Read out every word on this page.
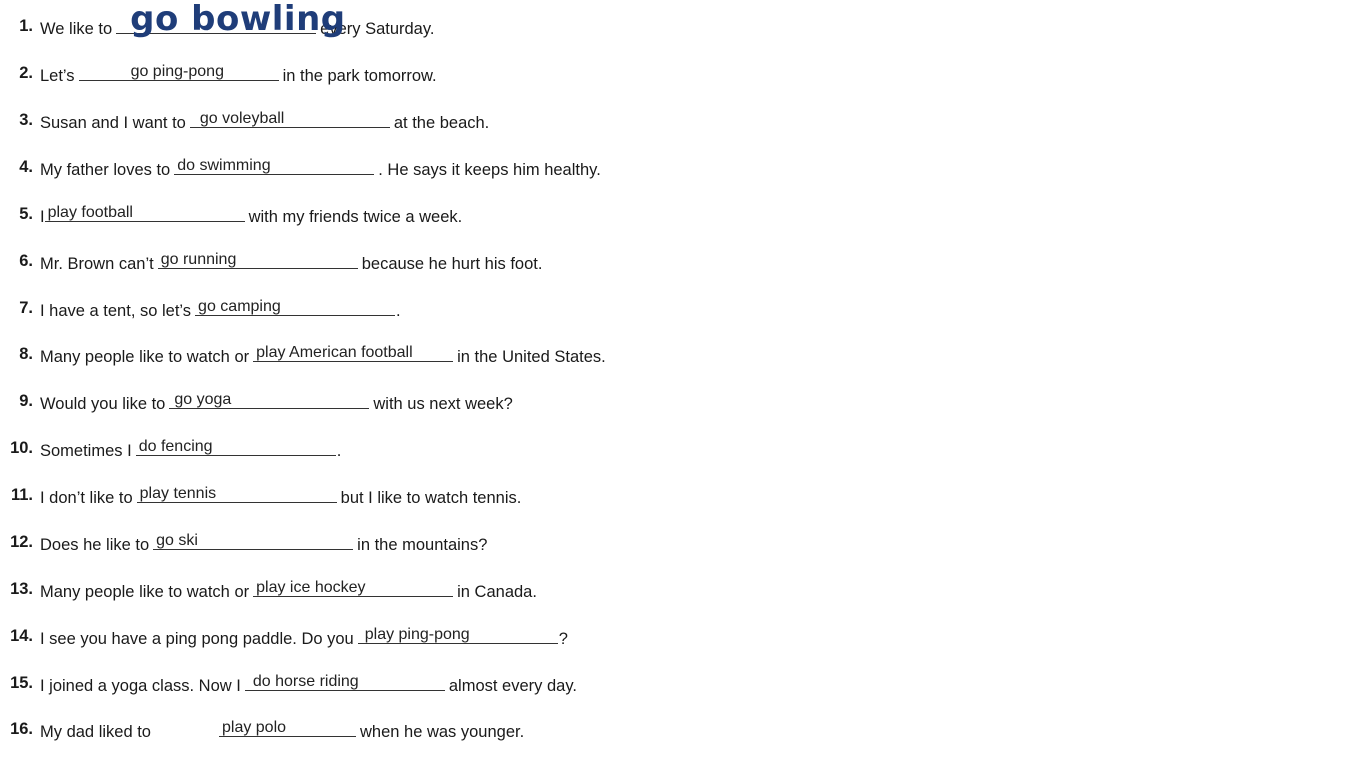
1. We like to go bowling
every Saturday.
2. Let’s	go ping-pong	in the park tomorrow.
3. Susan and I want to go voleyball	at the beach.
4. My father loves to do swimming	. He says it keeps him healthy.
5. I play football	with my friends twice a week.
6. Mr. Brown can’t go running	because he hurt his foot.
7. I have a tent, so let’s go camping	.
8. Many people like to watch or play American football	in the United States.
9. Would you like to go yoga	with us next week?
10. Sometimes I do fencing	.
11. I don’t like to play tennis	but I like to watch tennis.
12. Does he like to go ski	in the mountains?
13. Many people like to watch or play ice hockey	in Canada.
14. I see you have a ping pong paddle. Do you play ping-pong	?
15. I joined a yoga class. Now I do horse riding	almost every day.
16. My dad liked to	play polo	when he was younger.
